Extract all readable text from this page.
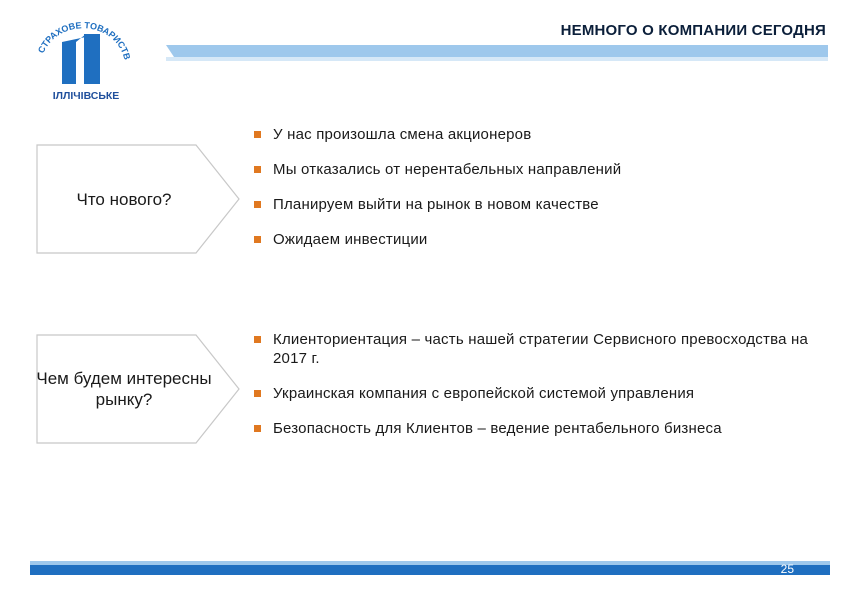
СТРАХОВЕ ТОВАРИСТВ
ІЛЛІЧІВСЬКЕ
НЕМНОГО О КОМПАНИИ СЕГОДНЯ
Что нового?
У нас произошла смена акционеров
Мы отказались от нерентабельных направлений
Планируем выйти на рынок в новом качестве
Ожидаем инвестиции
Чем будем интересны рынку?
Клиенториентация – часть нашей стратегии Сервисного превосходства на 2017 г.
Украинская компания с европейской системой управления
Безопасность для Клиентов – ведение рентабельного бизнеса
25
